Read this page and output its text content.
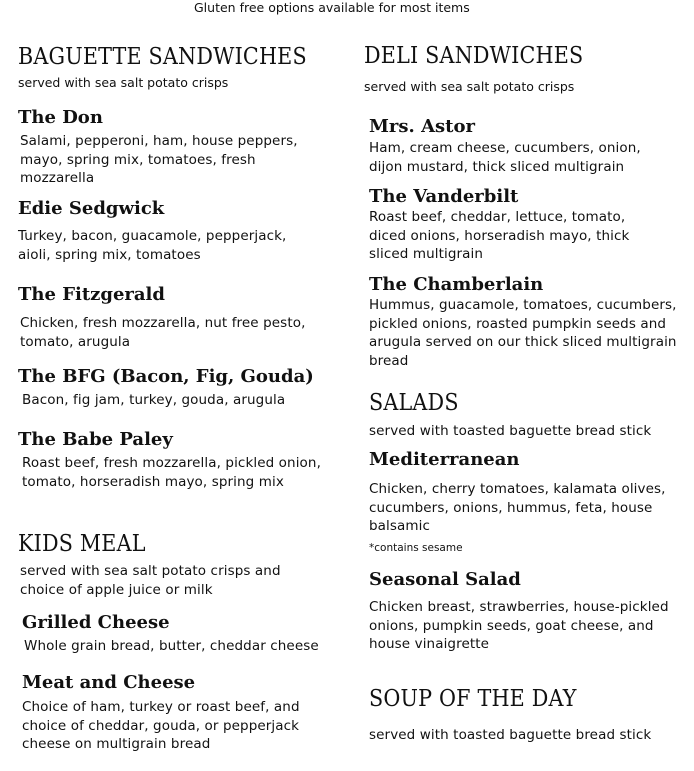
Gluten free options available for most items
BAGUETTE SANDWICHES
served with sea salt potato crisps
The Don
Salami, pepperoni, ham, house peppers, mayo, spring mix, tomatoes, fresh mozzarella
Edie Sedgwick
Turkey, bacon, guacamole, pepperjack, aioli, spring mix, tomatoes
The Fitzgerald
Chicken, fresh mozzarella, nut free pesto, tomato, arugula
The BFG (Bacon, Fig, Gouda)
Bacon, fig jam, turkey, gouda, arugula
The Babe Paley
Roast beef, fresh mozzarella, pickled onion, tomato, horseradish mayo, spring mix
KIDS MEAL
served with sea salt potato crisps and choice of apple juice or milk
Grilled Cheese
Whole grain bread, butter, cheddar cheese
Meat and Cheese
Choice of ham, turkey or roast beef, and choice of cheddar, gouda, or pepperjack cheese on multigrain bread
DELI SANDWICHES
served with sea salt potato crisps
Mrs. Astor
Ham, cream cheese, cucumbers, onion, dijon mustard, thick sliced multigrain
The Vanderbilt
Roast beef, cheddar, lettuce, tomato, diced onions, horseradish mayo, thick sliced multigrain
The Chamberlain
Hummus, guacamole, tomatoes, cucumbers, pickled onions, roasted pumpkin seeds and arugula served on our thick sliced multigrain bread
SALADS
served with toasted baguette bread stick
Mediterranean
Chicken, cherry tomatoes, kalamata olives, cucumbers, onions, hummus, feta, house balsamic
*contains sesame
Seasonal Salad
Chicken breast, strawberries, house-pickled onions, pumpkin seeds, goat cheese, and house vinaigrette
SOUP OF THE DAY
served with toasted baguette bread stick
